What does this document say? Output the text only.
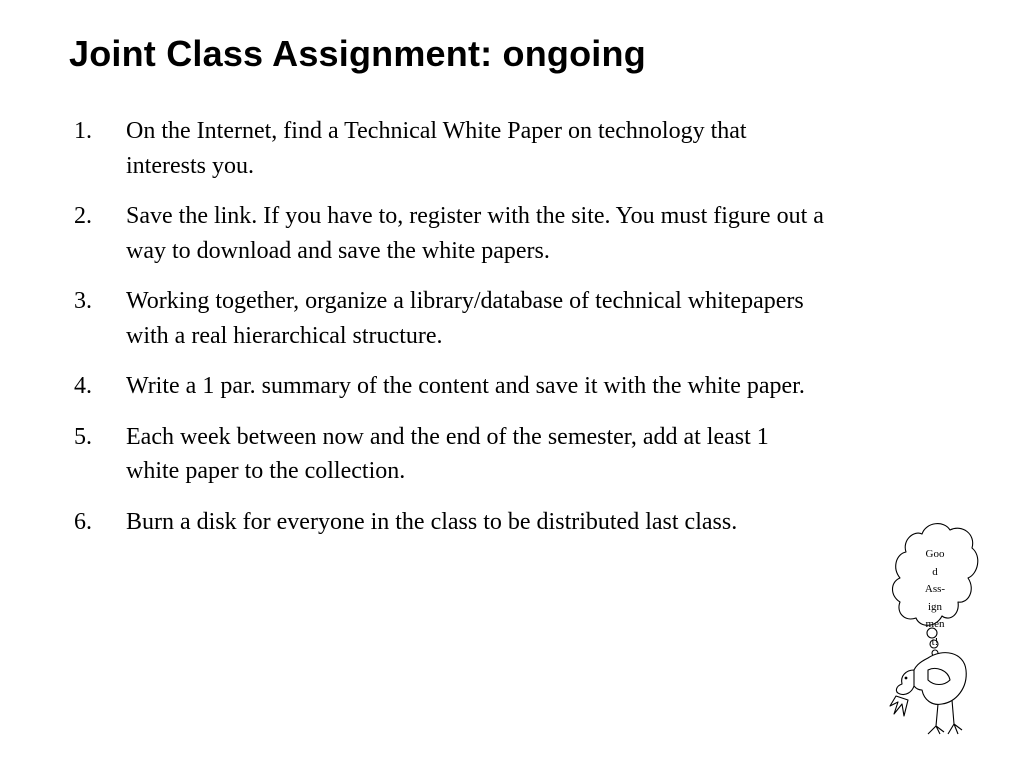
Joint Class Assignment: ongoing
1. On the Internet, find a Technical White Paper on technology that interests you.
2. Save the link. If you have to, register with the site. You must figure out a way to download and save the white papers.
3. Working together, organize a library/database of technical whitepapers with a real hierarchical structure.
4. Write a 1 par. summary of the content and save it with the white paper.
5. Each week between now and the end of the semester, add at least 1 white paper to the collection.
6. Burn a disk for everyone in the class to be distributed last class.
Goo
d
Ass-
ign
men
t!
